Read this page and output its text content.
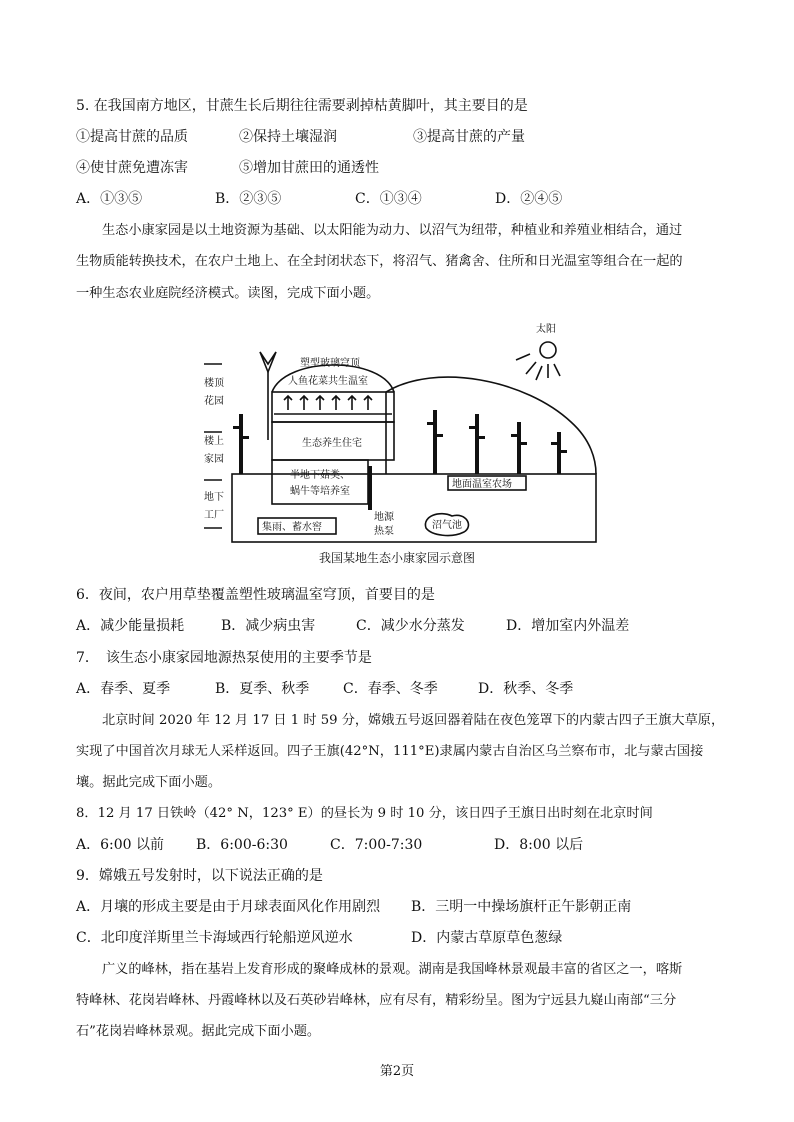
5. 在我国南方地区，甘蔗生长后期往往需要剥掉枯黄脚叶，其主要目的是
①提高甘蔗的品质	②保持土壤湿润	③提高甘蔗的产量
④使甘蔗免遭冻害	⑤增加甘蔗田的通透性
A．①③⑤	B．②③⑤	C．①③④	D．②④⑤
生态小康家园是以土地资源为基础、以太阳能为动力、以沼气为纽带，种植业和养殖业相结合，通过
生物质能转换技术，在农户土地上、在全封闭状态下，将沼气、猪禽舍、住所和日光温室等组合在一起的
一种生态农业庭院经济模式。读图，完成下面小题。
太阳
塑型玻璃穹顶
人鱼花菜共生温室
楼顶
花园
楼上
家园
地下
工厂
生态养生住宅
半地下菇类、
蜗牛等培养室
集雨、蓄水窖
地源
热泵
沼气池
地面温室农场
我国某地生态小康家园示意图
6．夜间，农户用草垫覆盖塑性玻璃温室穹顶，首要目的是
A．减少能量损耗	B．减少病虫害	C．减少水分蒸发	D．增加室内外温差
7．　该生态小康家园地源热泵使用的主要季节是
A．春季、夏季	B．夏季、秋季 C．春季、冬季	D．秋季、冬季
北京时间 2020 年 12 月 17 日 1 时 59 分，嫦娥五号返回器着陆在夜色笼罩下的内蒙古四子王旗大草原，
实现了中国首次月球无人采样返回。四子王旗(42°N，111°E)隶属内蒙古自治区乌兰察布市，北与蒙古国接
壤。据此完成下面小题。
8．12 月 17 日铁岭（42° N，123° E）的昼长为 9 时 10 分，该日四子王旗日出时刻在北京时间
A．6:00 以前 B．6:00-6:30	C．7:00-7:30	D．8:00 以后
9．嫦娥五号发射时，以下说法正确的是
A．月壤的形成主要是由于月球表面风化作用剧烈 B．三明一中操场旗杆正午影朝正南
C．北印度洋斯里兰卡海域西行轮船逆风逆水	D．内蒙古草原草色葱绿
广义的峰林，指在基岩上发育形成的聚峰成林的景观。湖南是我国峰林景观最丰富的省区之一，喀斯
特峰林、花岗岩峰林、丹霞峰林以及石英砂岩峰林，应有尽有，精彩纷呈。图为宁远县九嶷山南部“三分
石”花岗岩峰林景观。据此完成下面小题。
第2页
